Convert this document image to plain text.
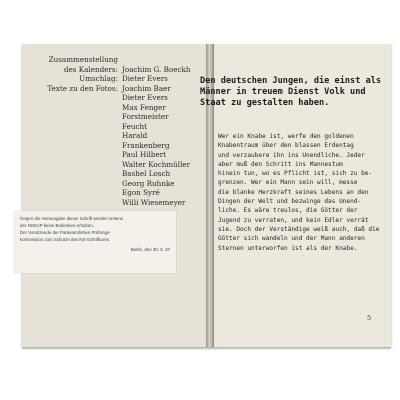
Zusammenstellung
des Kalenders: Joachim G. Boeckh
Umschlag: Dieter Evers
Texte zu den Fotos: Joachim Baer
Dieter Evers
Max Fenger
Forstmeister Feucht
Harald Frankenberg
Paul Hilbert
Walter Kochmüller
Bashel Losch
Georg Ruhnke
Egon Syré
Willi Wiesemeyer
Gegen die Herausgabe dieser Schrift werden seitens
der NSDAP keine Bedenken erhoben.
Der Vorsitzende der Parteiamtlichen Prüfungs-
kommission zum Schutze des NS-Schrifttums.
Berlin, den 30. 6. 37
Den deutschen Jungen, die einst als
Männer in treuem Dienst Volk und
Staat zu gestalten haben.
Wer ein Knabe ist, werfe den goldenen
Knabentraum über den blassen Erdentag
und verzaubere ihn ins Unendliche. Jeder
aber muß den Schritt ins Mannestum
hinein tun, wo es Pflicht ist, sich zu be-
grenzen. Wer ein Mann sein will, messe
die blanke Herzkraft seines Lebens an den
Dingen der Welt und bezwinge das Unend-
liche. Es wäre treulos, die Götter der
Jugend zu verraten, und kein Edler verrät
sie. Doch der Verständige weiß auch, daß die
Götter sich wandeln und der Mann anderen
Sternen unterworfen ist als der Knabe.
5
